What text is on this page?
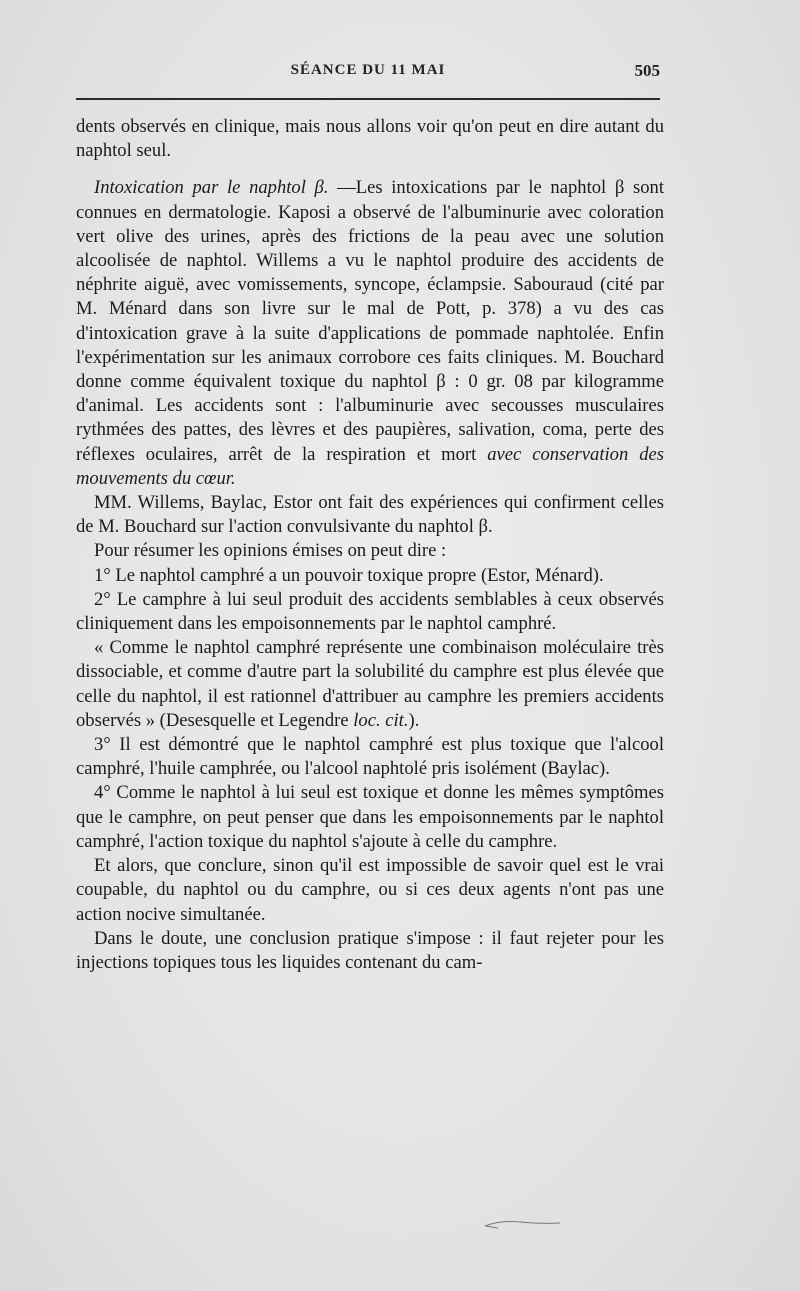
SÉANCE DU 11 MAI	505

dents observés en clinique, mais nous allons voir qu'on peut en dire autant du naphtol seul.

Intoxication par le naphtol β. —Les intoxications par le naphtol β sont connues en dermatologie. Kaposi a observé de l'albuminurie avec coloration vert olive des urines, après des frictions de la peau avec une solution alcoolisée de naphtol. Willems a vu le naphtol produire des accidents de néphrite aiguë, avec vomissements, syncope, éclampsie. Sabouraud (cité par M. Ménard dans son livre sur le mal de Pott, p. 378) a vu des cas d'intoxication grave à la suite d'applications de pommade naphtolée. Enfin l'expérimentation sur les animaux corrobore ces faits cliniques. M. Bouchard donne comme équivalent toxique du naphtol β : 0 gr. 08 par kilogramme d'animal. Les accidents sont : l'albuminurie avec secousses musculaires rythmées des pattes, des lèvres et des paupières, salivation, coma, perte des réflexes oculaires, arrêt de la respiration et mort avec conservation des mouvements du cœur.

MM. Willems, Baylac, Estor ont fait des expériences qui confirment celles de M. Bouchard sur l'action convulsivante du naphtol β.

Pour résumer les opinions émises on peut dire :

1° Le naphtol camphré a un pouvoir toxique propre (Estor, Ménard).

2° Le camphre à lui seul produit des accidents semblables à ceux observés cliniquement dans les empoisonnements par le naphtol camphré.

« Comme le naphtol camphré représente une combinaison moléculaire très dissociable, et comme d'autre part la solubilité du camphre est plus élevée que celle du naphtol, il est rationnel d'attribuer au camphre les premiers accidents observés » (Desesquelle et Legendre loc. cit.).

3° Il est démontré que le naphtol camphré est plus toxique que l'alcool camphré, l'huile camphrée, ou l'alcool naphtolé pris isolément (Baylac).

4° Comme le naphtol à lui seul est toxique et donne les mêmes symptômes que le camphre, on peut penser que dans les empoisonnements par le naphtol camphré, l'action toxique du naphtol s'ajoute à celle du camphre.

Et alors, que conclure, sinon qu'il est impossible de savoir quel est le vrai coupable, du naphtol ou du camphre, ou si ces deux agents n'ont pas une action nocive simultanée.

Dans le doute, une conclusion pratique s'impose : il faut rejeter pour les injections topiques tous les liquides contenant du cam-
